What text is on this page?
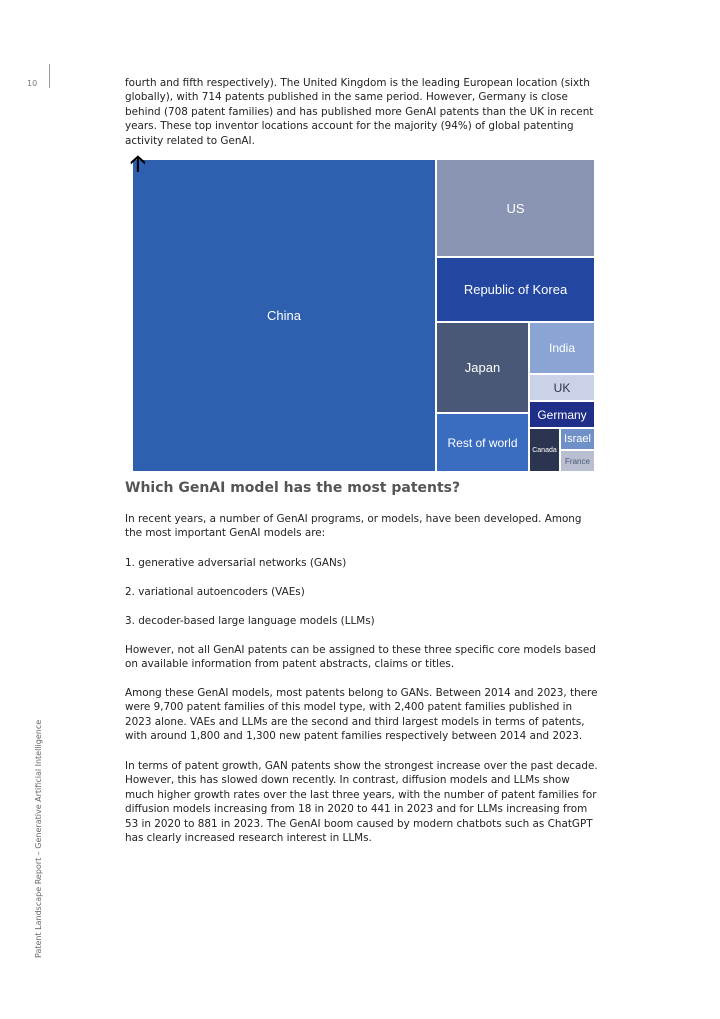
10
Patent Landscape Report – Generative Artificial Intelligence
fourth and fifth respectively). The United Kingdom is the leading European location (sixth globally), with 714 patents published in the same period. However, Germany is close behind (708 patent families) and has published more GenAI patents than the UK in recent years. These top inventor locations account for the majority (94%) of global patenting activity related to GenAI.
China
US
Republic of Korea
Japan
India
UK
Germany
Rest of world
Canada
Israel
France
🡡
Which GenAI model has the most patents?
In recent years, a number of GenAI programs, or models, have been developed. Among the most important GenAI models are:
1. generative adversarial networks (GANs)
2. variational autoencoders (VAEs)
3. decoder-based large language models (LLMs)
However, not all GenAI patents can be assigned to these three specific core models based on available information from patent abstracts, claims or titles.
Among these GenAI models, most patents belong to GANs. Between 2014 and 2023, there were 9,700 patent families of this model type, with 2,400 patent families published in 2023 alone. VAEs and LLMs are the second and third largest models in terms of patents, with around 1,800 and 1,300 new patent families respectively between 2014 and 2023.
In terms of patent growth, GAN patents show the strongest increase over the past decade. However, this has slowed down recently. In contrast, diffusion models and LLMs show much higher growth rates over the last three years, with the number of patent families for diffusion models increasing from 18 in 2020 to 441 in 2023 and for LLMs increasing from 53 in 2020 to 881 in 2023. The GenAI boom caused by modern chatbots such as ChatGPT has clearly increased research interest in LLMs.
